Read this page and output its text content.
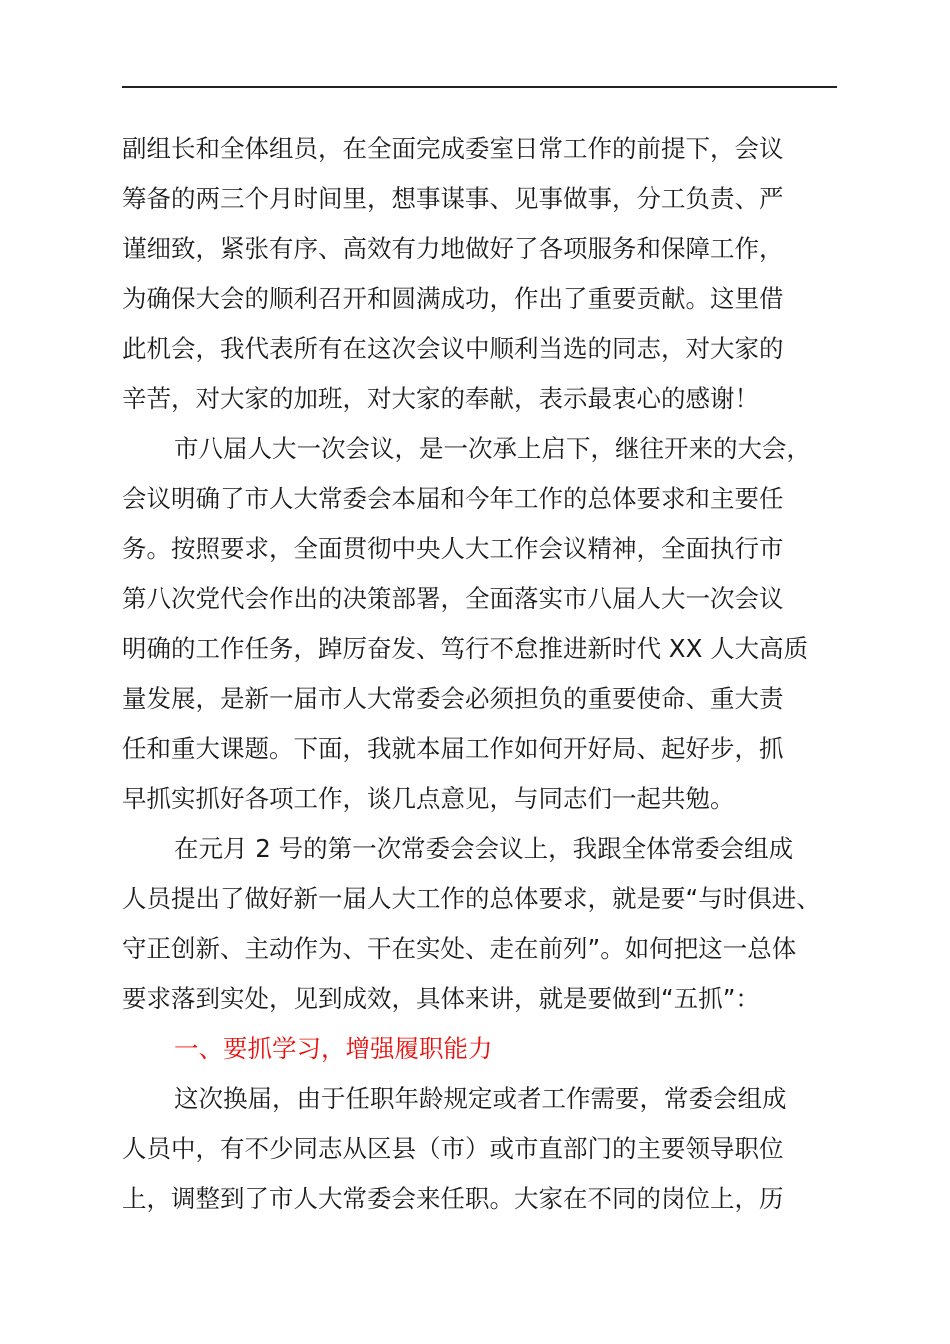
副组长和全体组员，在全面完成委室日常工作的前提下，会议
筹备的两三个月时间里，想事谋事、见事做事，分工负责、严
谨细致，紧张有序、高效有力地做好了各项服务和保障工作，
为确保大会的顺利召开和圆满成功，作出了重要贡献。这里借
此机会，我代表所有在这次会议中顺利当选的同志，对大家的
辛苦，对大家的加班，对大家的奉献，表示最衷心的感谢！
市八届人大一次会议，是一次承上启下，继往开来的大会，
会议明确了市人大常委会本届和今年工作的总体要求和主要任
务。按照要求，全面贯彻中央人大工作会议精神，全面执行市
第八次党代会作出的决策部署，全面落实市八届人大一次会议
明确的工作任务，踔厉奋发、笃行不怠推进新时代 XX 人大高质
量发展，是新一届市人大常委会必须担负的重要使命、重大责
任和重大课题。下面，我就本届工作如何开好局、起好步，抓
早抓实抓好各项工作，谈几点意见，与同志们一起共勉。
在元月 2 号的第一次常委会会议上，我跟全体常委会组成
人员提出了做好新一届人大工作的总体要求，就是要“与时俱进、
守正创新、主动作为、干在实处、走在前列”。如何把这一总体
要求落到实处，见到成效，具体来讲，就是要做到“五抓”：
一、要抓学习，增强履职能力
这次换届，由于任职年龄规定或者工作需要，常委会组成
人员中，有不少同志从区县（市）或市直部门的主要领导职位
上，调整到了市人大常委会来任职。大家在不同的岗位上，历
